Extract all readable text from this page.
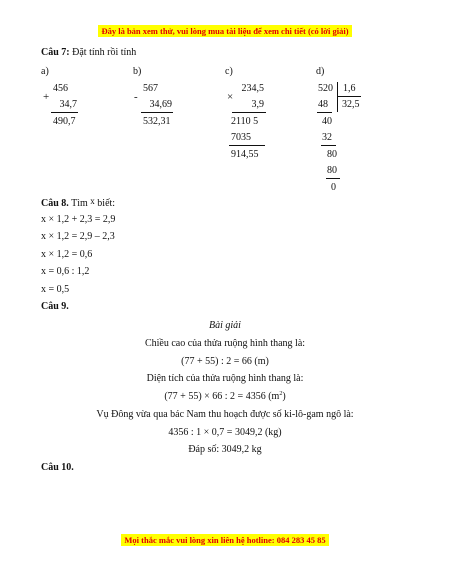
Đây là bản xem thử, vui lòng mua tài liệu để xem chi tiết (có lời giải)
Câu 7: Đặt tính rồi tính
a)	b)	c)	d)
+
456
34,7
490,7
-
567
34,69
532,31
×
234,5
3,9
2110 5
7035
914,55
520 1,6
32,5
48
40
32
80
80
0
Câu 8. Tìm x biết:
x × 1,2 + 2,3 = 2,9
x × 1,2 = 2,9 – 2,3
x × 1,2 = 0,6
x = 0,6 : 1,2
x = 0,5
Câu 9.
Bài giải
Chiều cao của thửa ruộng hình thang là:
(77 + 55) : 2 = 66 (m)
Diện tích của thửa ruộng hình thang là:
(77 + 55) × 66 : 2 = 4356 $(m^2)$
Vụ Đông vừa qua bác Nam thu hoạch được số ki-lô-gam ngô là:
4356 : 1 × 0,7 = 3049,2 (kg)
Đáp số: 3049,2 kg
Câu 10.
Mọi thắc mắc vui lòng xin liên hệ hotline: 084 283 45 85
